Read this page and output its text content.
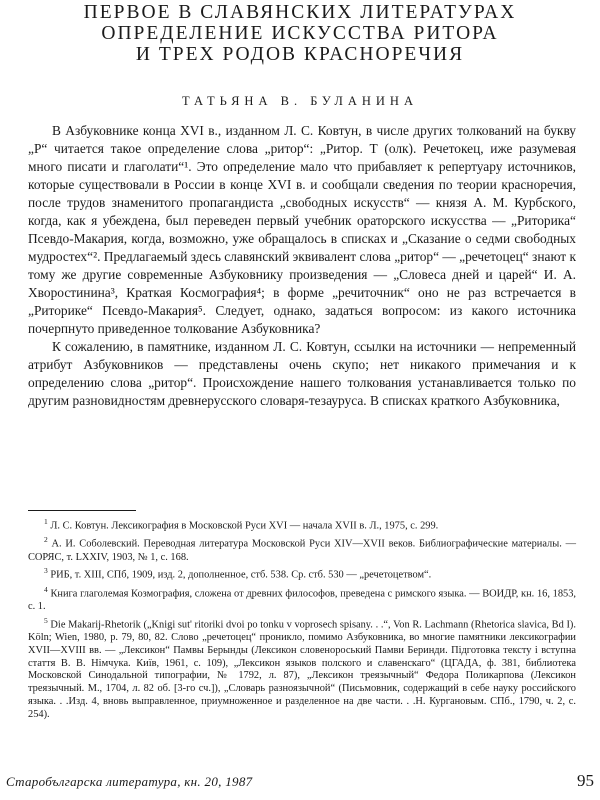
ПЕРВОЕ В СЛАВЯНСКИХ ЛИТЕРАТУРАХ
ОПРЕДЕЛЕНИЕ ИСКУССТВА РИТОРА
И ТРЕХ РОДОВ КРАСНОРЕЧИЯ
ТАТЬЯНА В. БУЛАНИНА

В Азбуковнике конца XVI в., изданном Л. С. Ковтун, в числе других толкований на букву „Р“ читается такое определение слова „ритор“: „Ритор. Т (олк). Речетокец, иже разумевая много писати и глаголати“¹. Это определение мало что прибавляет к репертуару источников, которые существовали в России в конце XVI в. и сообщали сведения по теории красноречия, после трудов знаменитого пропагандиста „свободных искусств“ — князя А. М. Курбского, когда, как я убеждена, был переведен первый учебник ораторского искусства — „Риторика“ Псевдо-Макария, когда, возможно, уже обращалось в списках и „Сказание о седми свободных мудростех“². Предлагаемый здесь славянский эквивалент слова „ритор“ — „речетоцец“ знают к тому же другие современные Азбуковнику произведения — „Словеса дней и царей“ И. А. Хворостинина³, Краткая Космография⁴; в форме „речиточник“ оно не раз встречается в „Риторике“ Псевдо-Макария⁵. Следует, однако, задаться вопросом: из какого источника почерпнуто приведенное толкование Азбуковника?

К сожалению, в памятнике, изданном Л. С. Ковтун, ссылки на источники — непременный атрибут Азбуковников — представлены очень скупо; нет никакого примечания и к определению слова „ритор“. Происхождение нашего толкования устанавливается только по другим разновидностям древнерусского словаря-тезауруса. В списках краткого Азбуковника,

$^1$ Л. С. Ковтун. Лексикография в Московской Руси XVI — начала XVII в. Л., 1975, с. 299.

$^2$ А. И. Соболевский. Переводная литература Московской Руси XIV—XVII веков. Библиографические материалы. — СОРЯС, т. LXXIV, 1903, № 1, с. 168.

$^3$ РИБ, т. XIII, СПб, 1909, изд. 2, дополненное, стб. 538. Ср. стб. 530 — „речетоцетвом“.

$^4$ Книга глаголемая Козмография, сложена от древних философов, преведена с римского языка. — ВОИДР, кн. 16, 1853, с. 1.

$^5$ Die Makarij-Rhetorik („Knigi sut' ritoriki dvoi po tonku v voprosech spisany. . .“, Von R. Lachmann (Rhetorica slavica, Bd I). Köln; Wien, 1980, p. 79, 80, 82. Слово „речетоцец“ проникло, помимо Азбуковника, во многие памятники лексикографии XVII—XVIII вв. — „Лексикон“ Памвы Берынды (Лексикон словенороський Памви Беринди. Підготовка тексту і вступна стаття В. В. Німчука. Київ, 1961, с. 109), „Лексикон языков полского и славенскаго“ (ЦГАДА, ф. 381, библиотека Московской Синодальной типографии, № 1792, л. 87), „Лексикон треязычный“ Федора Поликарпова (Лексикон треязычный. М., 1704, л. 82 об. [3-го сч.]), „Словарь разноязычной“ (Письмовник, содержащий в себе науку российского языка. . .Изд. 4, вновь выправленное, приумноженное и разделенное на две части. . .Н. Кургановым. СПб., 1790, ч. 2, с. 254).

Старобългарска литература, кн. 20, 1987	95
